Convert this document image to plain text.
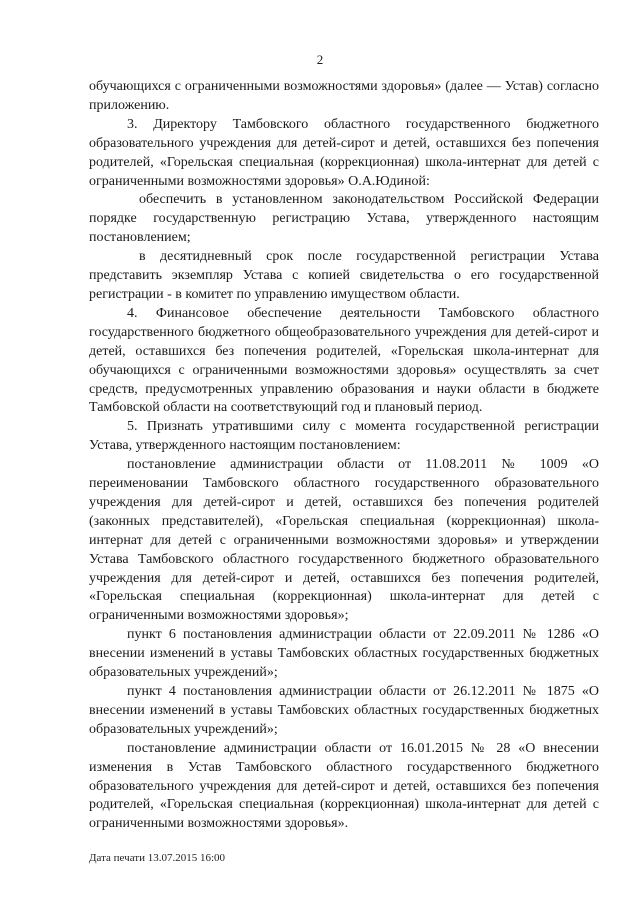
2

обучающихся с ограниченными возможностями здоровья» (далее — Устав) согласно приложению.

3. Директору Тамбовского областного государственного бюджетного образовательного учреждения для детей-сирот и детей, оставшихся без попечения родителей, «Горельская специальная (коррекционная) школа-интернат для детей с ограниченными возможностями здоровья» О.А.Юдиной:

обеспечить в установленном законодательством Российской Федерации порядке государственную регистрацию Устава, утвержденного настоящим постановлением;

в десятидневный срок после государственной регистрации Устава представить экземпляр Устава с копией свидетельства о его государственной регистрации - в комитет по управлению имуществом области.

4. Финансовое обеспечение деятельности Тамбовского областного государственного бюджетного общеобразовательного учреждения для детей-сирот и детей, оставшихся без попечения родителей, «Горельская школа-интернат для обучающихся с ограниченными возможностями здоровья» осуществлять за счет средств, предусмотренных управлению образования и науки области в бюджете Тамбовской области на соответствующий год и плановый период.

5. Признать утратившими силу с момента государственной регистрации Устава, утвержденного настоящим постановлением:

постановление администрации области от 11.08.2011 № 1009 «О переименовании Тамбовского областного государственного образовательного учреждения для детей-сирот и детей, оставшихся без попечения родителей (законных представителей), «Горельская специальная (коррекционная) школа-интернат для детей с ограниченными возможностями здоровья» и утверждении Устава Тамбовского областного государственного бюджетного образовательного учреждения для детей-сирот и детей, оставшихся без попечения родителей, «Горельская специальная (коррекционная) школа-интернат для детей с ограниченными возможностями здоровья»;

пункт 6 постановления администрации области от 22.09.2011 № 1286 «О внесении изменений в уставы Тамбовских областных государственных бюджетных образовательных учреждений»;

пункт 4 постановления администрации области от 26.12.2011 № 1875 «О внесении изменений в уставы Тамбовских областных государственных бюджетных образовательных учреждений»;

постановление администрации области от 16.01.2015 № 28 «О внесении изменения в Устав Тамбовского областного государственного бюджетного образовательного учреждения для детей-сирот и детей, оставшихся без попечения родителей, «Горельская специальная (коррекционная) школа-интернат для детей с ограниченными возможностями здоровья».

Дата печати 13.07.2015 16:00
